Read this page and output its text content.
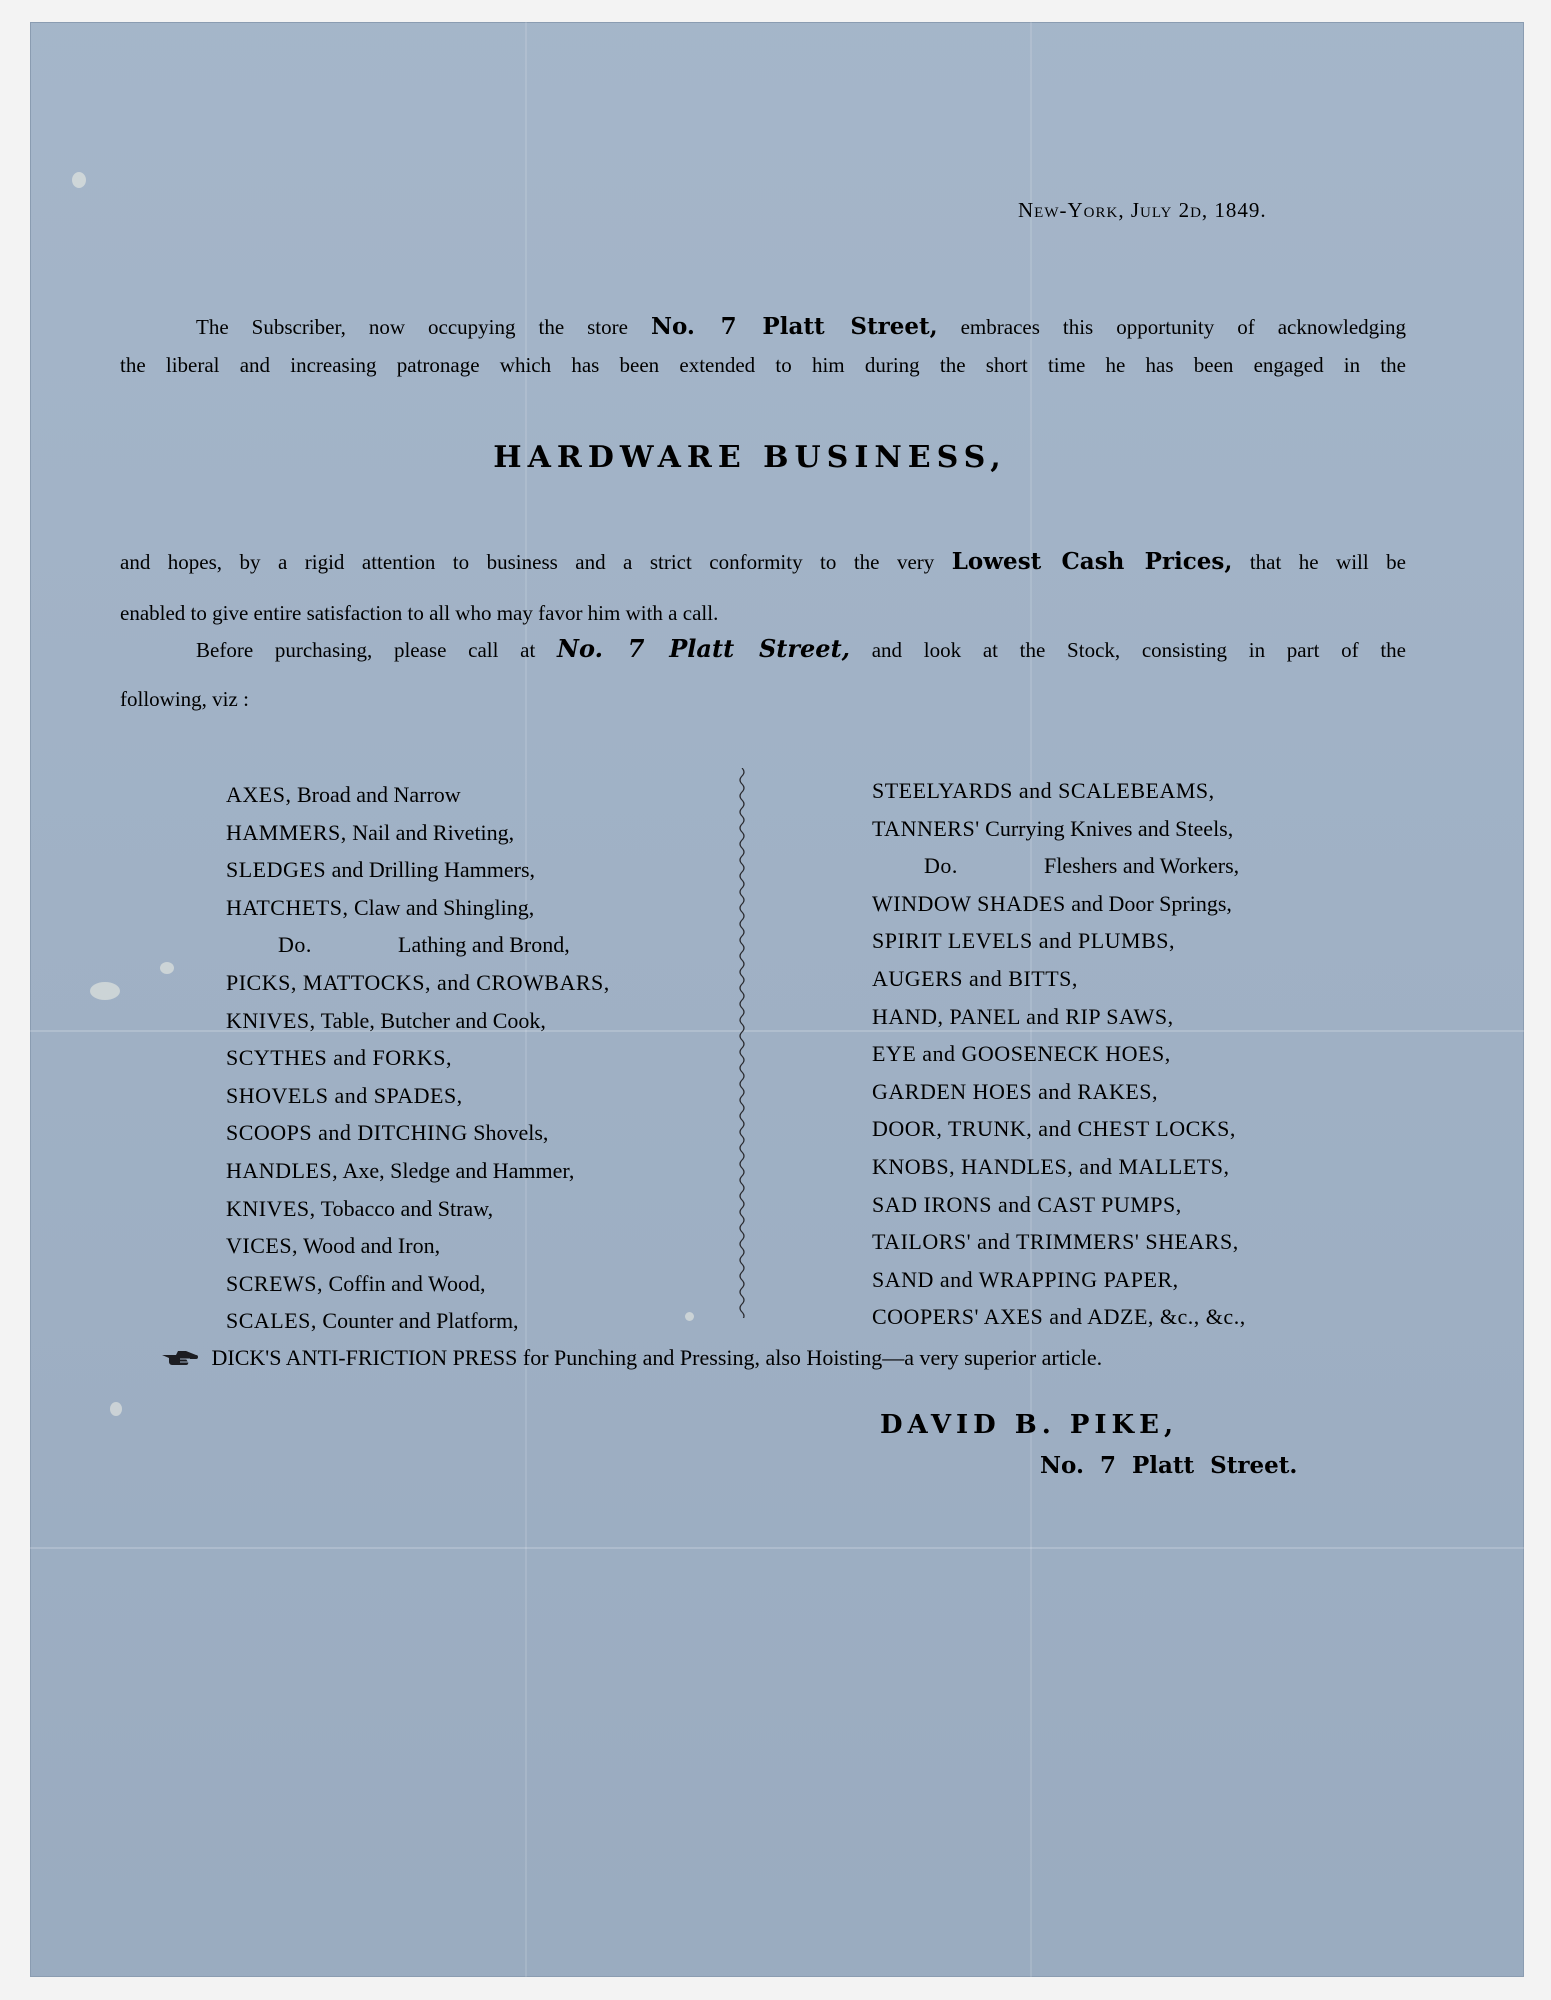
New-York, July 2d, 1849.
The Subscriber, now occupying the store No. 7 Platt Street, embraces this opportunity of acknowledging
the liberal and increasing patronage which has been extended to him during the short time he has been engaged in the
HARDWARE BUSINESS,
and hopes, by a rigid attention to business and a strict conformity to the very Lowest Cash Prices, that he will be
enabled to give entire satisfaction to all who may favor him with a call.
Before purchasing, please call at No. 7 Platt Street, and look at the Stock, consisting in part of the
following, viz :
AXES, Broad and Narrow
HAMMERS, Nail and Riveting,
SLEDGES and Drilling Hammers,
HATCHETS, Claw and Shingling,
Do.	Lathing and Brond,
PICKS, MATTOCKS, and CROWBARS,
KNIVES, Table, Butcher and Cook,
SCYTHES and FORKS,
SHOVELS and SPADES,
SCOOPS and DITCHING Shovels,
HANDLES, Axe, Sledge and Hammer,
KNIVES, Tobacco and Straw,
VICES, Wood and Iron,
SCREWS, Coffin and Wood,
SCALES, Counter and Platform,
STEELYARDS and SCALEBEAMS,
TANNERS' Currying Knives and Steels,
Do.	Fleshers and Workers,
WINDOW SHADES and Door Springs,
SPIRIT LEVELS and PLUMBS,
AUGERS and BITTS,
HAND, PANEL and RIP SAWS,
EYE and GOOSENECK HOES,
GARDEN HOES and RAKES,
DOOR, TRUNK, and CHEST LOCKS,
KNOBS, HANDLES, and MALLETS,
SAD IRONS and CAST PUMPS,
TAILORS' and TRIMMERS' SHEARS,
SAND and WRAPPING PAPER,
COOPERS' AXES and ADZE, &c., &c.,
DICK'S ANTI-FRICTION PRESS for Punching and Pressing, also Hoisting—a very superior article.
DAVID B. PIKE,
No. 7 Platt Street.
